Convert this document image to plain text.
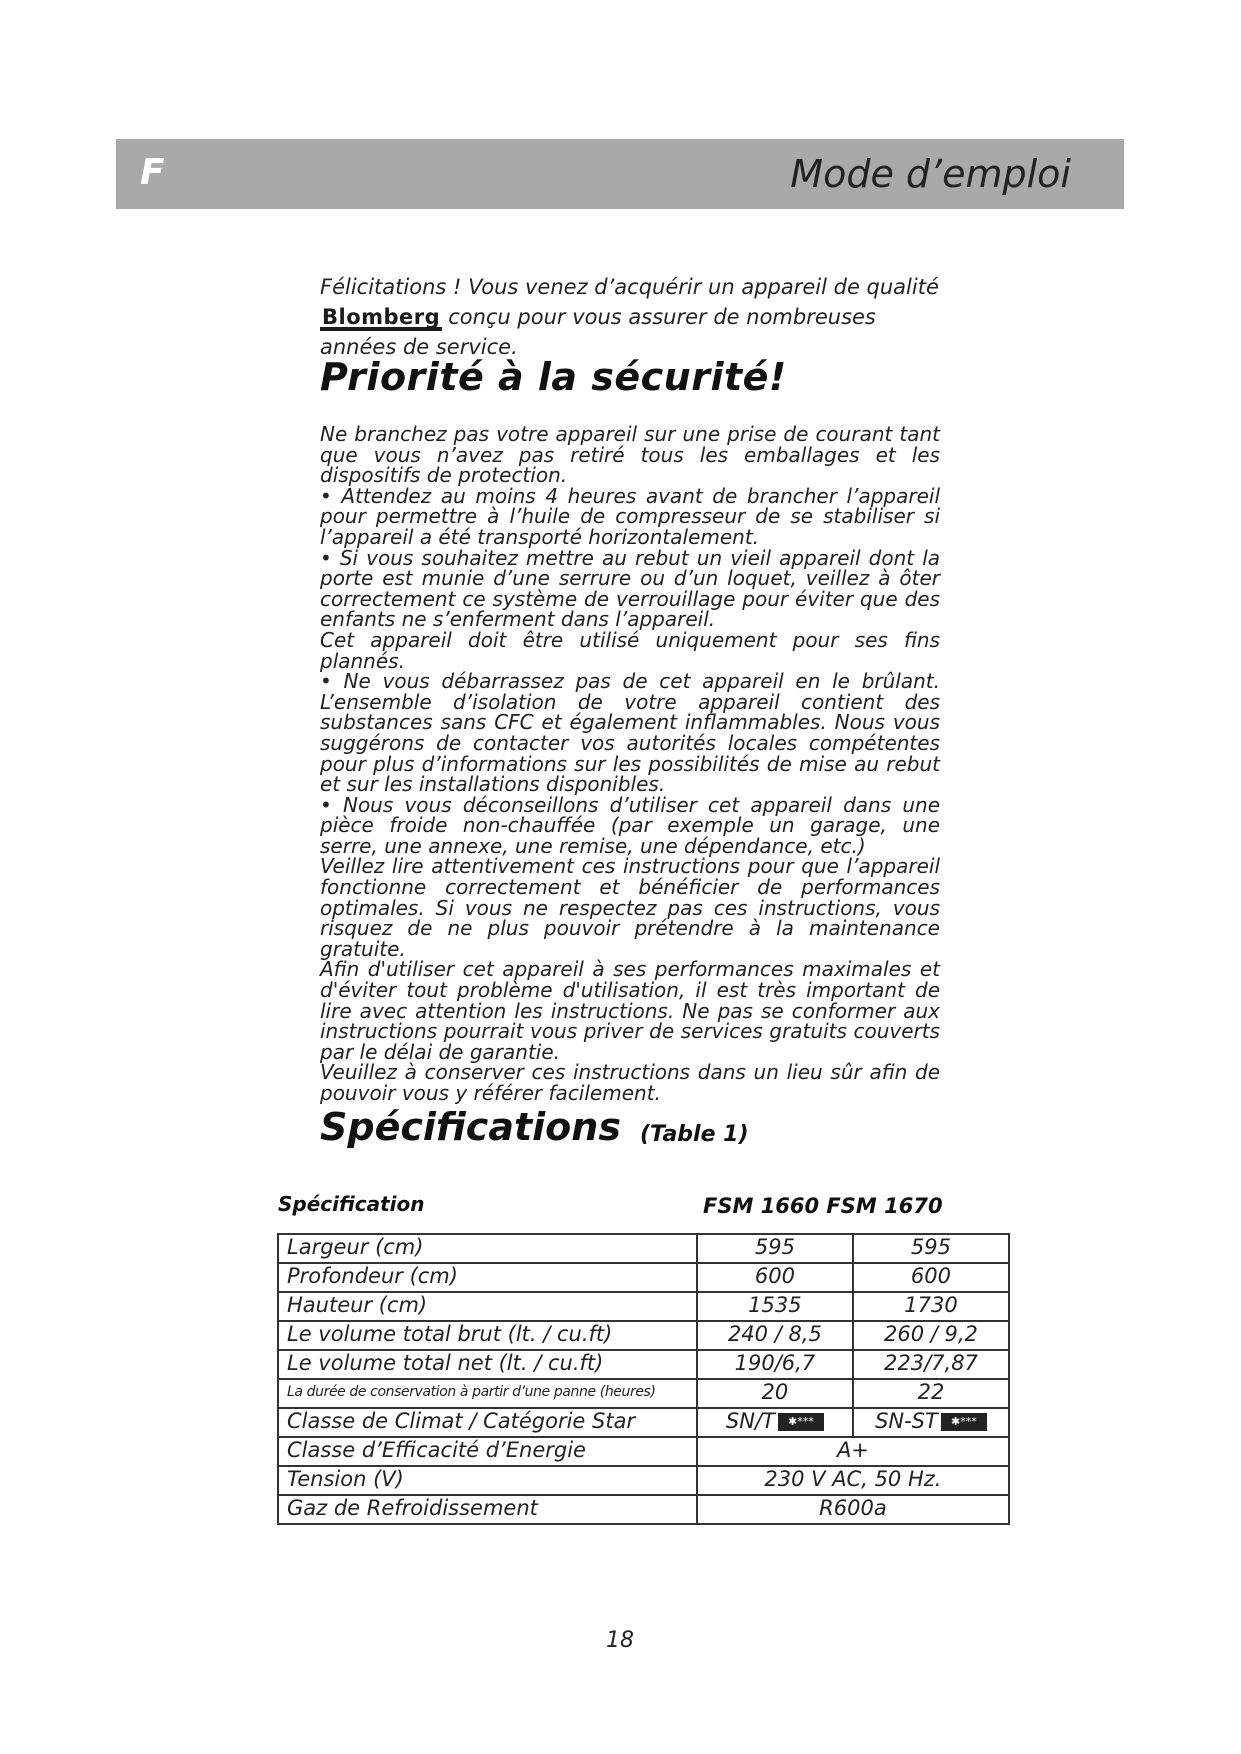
F	Mode d’emploi
Félicitations ! Vous venez d’acquérir un appareil de qualité
Blomberg conçu pour vous assurer de nombreuses
années de service.
Priorité à la sécurité!

Ne branchez pas votre appareil sur une prise de courant tant que vous n’avez pas retiré tous les emballages et les dispositifs de protection.

• Attendez au moins 4 heures avant de brancher l’appareil pour permettre à l’huile de compresseur de se stabiliser si l’appareil a été transporté horizontalement.

• Si vous souhaitez mettre au rebut un vieil appareil dont la porte est munie d’une serrure ou d’un loquet, veillez à ôter correctement ce système de verrouillage pour éviter que des enfants ne s’enferment dans l’appareil.

Cet appareil doit être utilisé uniquement pour ses fins plannés.

• Ne vous débarrassez pas de cet appareil en le brûlant. L’ensemble d’isolation de votre appareil contient des substances sans CFC et également inflammables. Nous vous suggérons de contacter vos autorités locales compétentes pour plus d’informations sur les possibilités de mise au rebut et sur les installations disponibles.

• Nous vous déconseillons d’utiliser cet appareil dans une pièce froide non-chauffée (par exemple un garage, une serre, une annexe, une remise, une dépendance, etc.)

Veillez lire attentivement ces instructions pour que l’appareil fonctionne correctement et bénéficier de performances optimales. Si vous ne respectez pas ces instructions, vous risquez de ne plus pouvoir prétendre à la maintenance gratuite.

Afin d'utiliser cet appareil à ses performances maximales et d'éviter tout problème d'utilisation, il est très important de lire avec attention les instructions. Ne pas se conformer aux instructions pourrait vous priver de services gratuits couverts par le délai de garantie.

Veuillez à conserver ces instructions dans un lieu sûr afin de pouvoir vous y référer facilement.

Spécifications (Table 1)
Spécification	FSM 1660 FSM 1670
Largeur (cm)	595	595
Profondeur (cm)	600	600
Hauteur (cm)	1535	1730
Le volume total brut (lt. / cu.ft)	240 / 8,5	260 / 9,2
Le volume total net (lt. / cu.ft)	190/6,7	223/7,87
La durée de conservation à partir d’une panne (heures)	20	22
Classe de Climat / Catégorie Star	SN/T ✱***	SN-ST ✱***
Classe d’Efficacité d’Energie	A+	
Tension (V)	230 V AC, 50 Hz.	
Gaz de Refroidissement	R600a	
18
